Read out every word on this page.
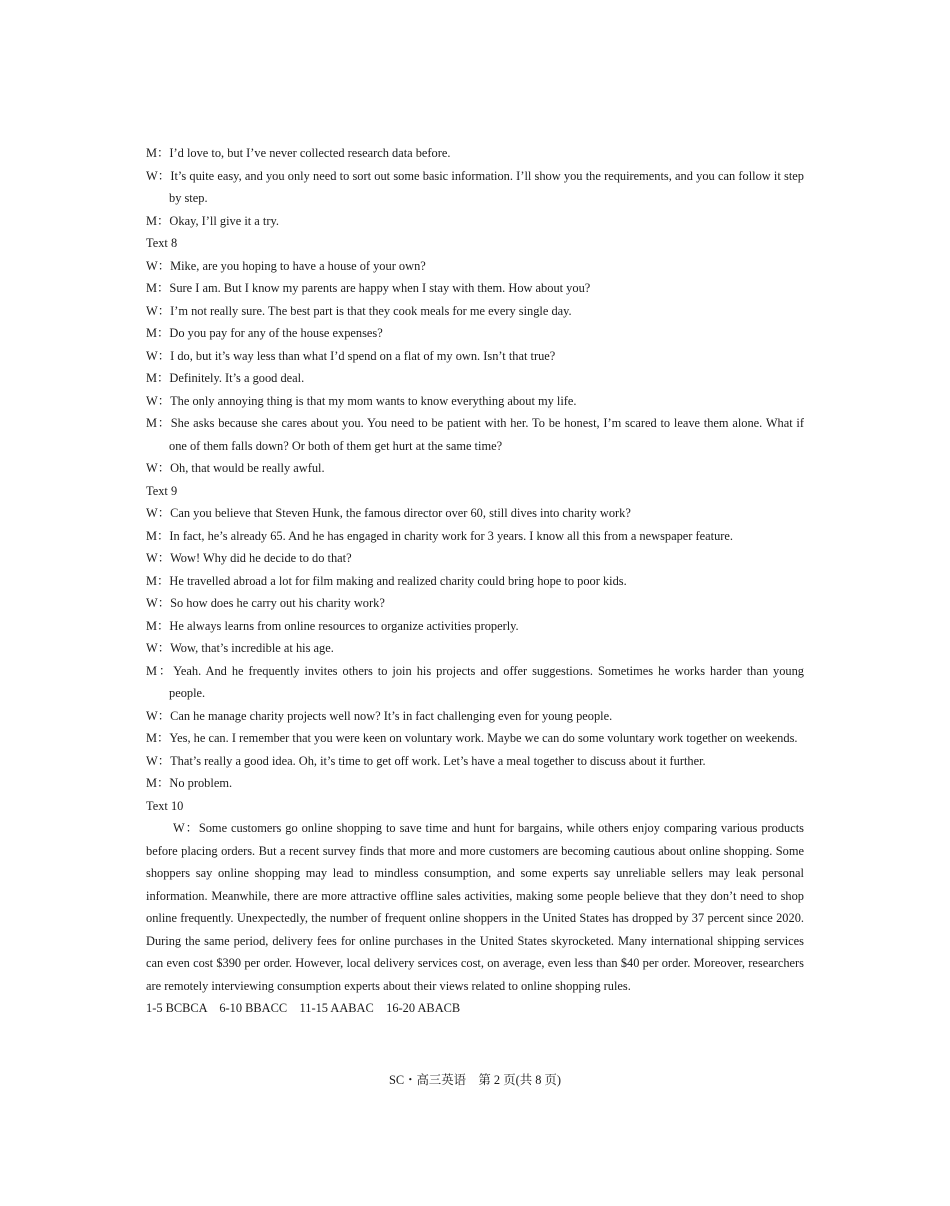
M：I’d love to, but I’ve never collected research data before.
W：It’s quite easy, and you only need to sort out some basic information. I’ll show you the requirements, and you can follow it step by step.
M：Okay, I’ll give it a try.
Text 8
W：Mike, are you hoping to have a house of your own?
M：Sure I am. But I know my parents are happy when I stay with them. How about you?
W：I’m not really sure. The best part is that they cook meals for me every single day.
M：Do you pay for any of the house expenses?
W：I do, but it’s way less than what I’d spend on a flat of my own. Isn’t that true?
M：Definitely. It’s a good deal.
W：The only annoying thing is that my mom wants to know everything about my life.
M：She asks because she cares about you. You need to be patient with her. To be honest, I’m scared to leave them alone. What if one of them falls down? Or both of them get hurt at the same time?
W：Oh, that would be really awful.
Text 9
W：Can you believe that Steven Hunk, the famous director over 60, still dives into charity work?
M：In fact, he’s already 65. And he has engaged in charity work for 3 years. I know all this from a newspaper feature.
W：Wow! Why did he decide to do that?
M：He travelled abroad a lot for film making and realized charity could bring hope to poor kids.
W：So how does he carry out his charity work?
M：He always learns from online resources to organize activities properly.
W：Wow, that’s incredible at his age.
M：Yeah. And he frequently invites others to join his projects and offer suggestions. Sometimes he works harder than young people.
W：Can he manage charity projects well now? It’s in fact challenging even for young people.
M：Yes, he can. I remember that you were keen on voluntary work. Maybe we can do some voluntary work together on weekends.
W：That’s really a good idea. Oh, it’s time to get off work. Let’s have a meal together to discuss about it further.
M：No problem.
Text 10
W：Some customers go online shopping to save time and hunt for bargains, while others enjoy comparing various products before placing orders. But a recent survey finds that more and more customers are becoming cautious about online shopping. Some shoppers say online shopping may lead to mindless consumption, and some experts say unreliable sellers may leak personal information. Meanwhile, there are more attractive offline sales activities, making some people believe that they don’t need to shop online frequently. Unexpectedly, the number of frequent online shoppers in the United States has dropped by 37 percent since 2020. During the same period, delivery fees for online purchases in the United States skyrocketed. Many international shipping services can even cost $390 per order. However, local delivery services cost, on average, even less than $40 per order. Moreover, researchers are remotely interviewing consumption experts about their views related to online shopping rules.
1-5 BCBCA　6-10 BBACC　11-15 AABAC　16-20 ABACB
SC・高三英语　第 2 页(共 8 页)
